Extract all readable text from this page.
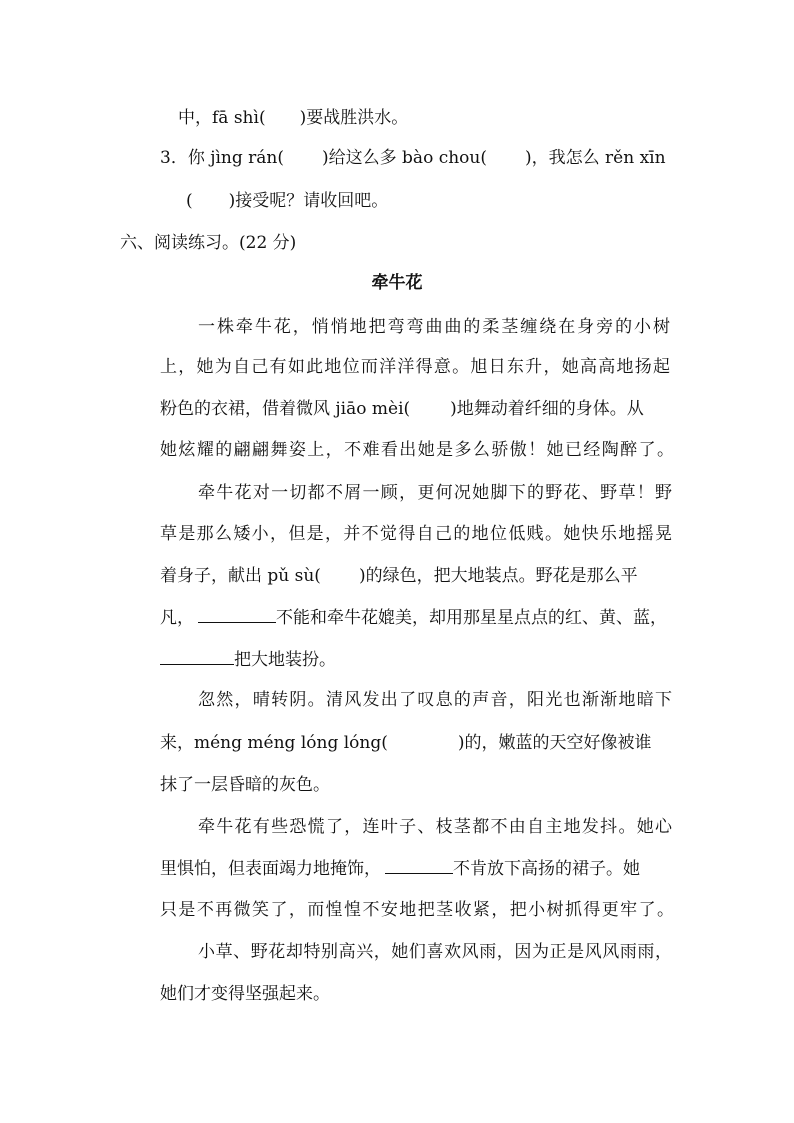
中，fā shì( )要战胜洪水。
3．你 jìng rán( )给这么多 bào chou( )，我怎么 rěn xīn
( )接受呢？请收回吧。
六、阅读练习。(22 分)
牵牛花
一株牵牛花，悄悄地把弯弯曲曲的柔茎缠绕在身旁的小树
上，她为自己有如此地位而洋洋得意。旭日东升，她高高地扬起
粉色的衣裙，借着微风 jiāo mèi( )地舞动着纤细的身体。从
她炫耀的翩翩舞姿上，不难看出她是多么骄傲！她已经陶醉了。
牵牛花对一切都不屑一顾，更何况她脚下的野花、野草！野
草是那么矮小，但是，并不觉得自己的地位低贱。她快乐地摇晃
着身子，献出 pǔ sù( )的绿色，把大地装点。野花是那么平
凡，	不能和牵牛花媲美，却用那星星点点的红、黄、蓝，
把大地装扮。
忽然，晴转阴。清风发出了叹息的声音，阳光也渐渐地暗下
来，méng méng lóng lóng(	)的，嫩蓝的天空好像被谁
抹了一层昏暗的灰色。
牵牛花有些恐慌了，连叶子、枝茎都不由自主地发抖。她心
里惧怕，但表面竭力地掩饰，	不肯放下高扬的裙子。她
只是不再微笑了，而惶惶不安地把茎收紧，把小树抓得更牢了。
小草、野花却特别高兴，她们喜欢风雨，因为正是风风雨雨，
她们才变得坚强起来。
